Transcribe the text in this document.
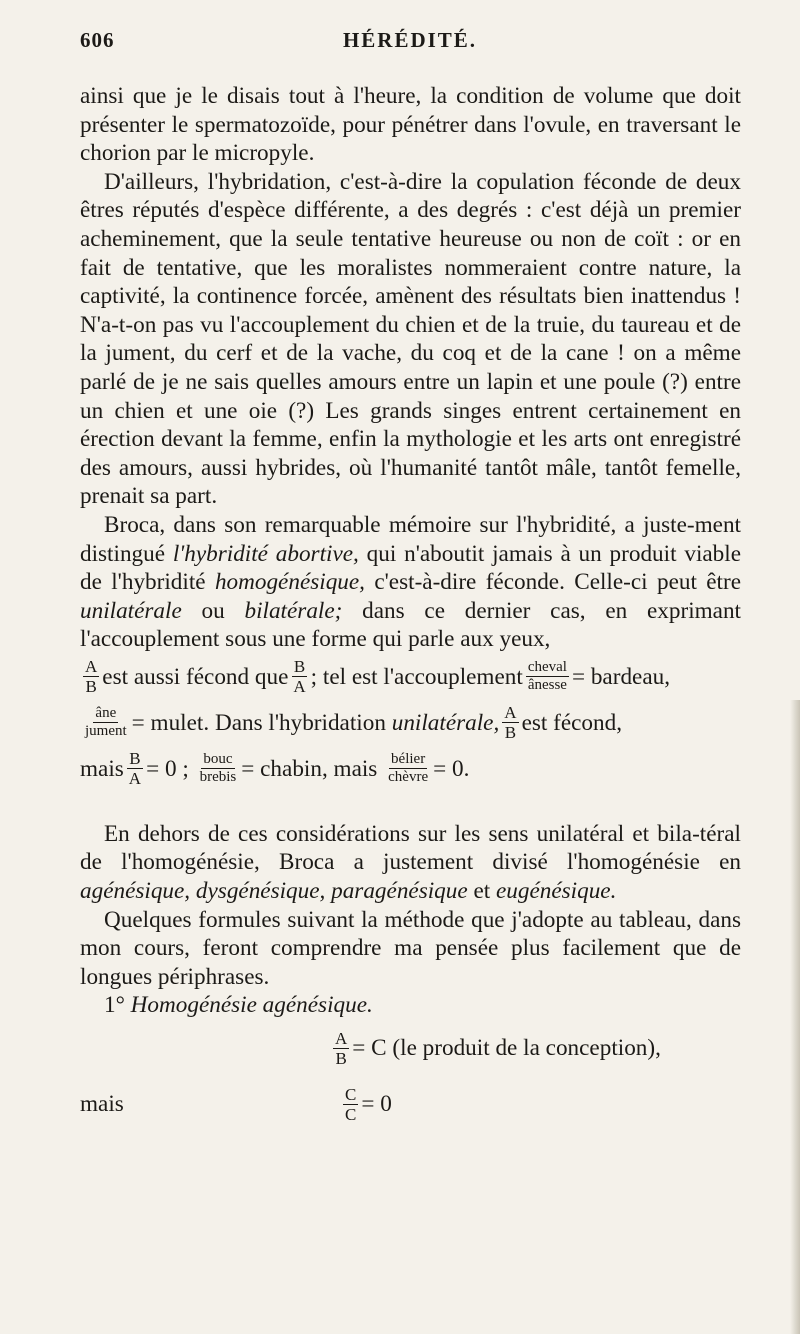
606	HÉRÉDITÉ.

ainsi que je le disais tout à l'heure, la condition de volume que doit présenter le spermatozoïde, pour pénétrer dans l'ovule, en traversant le chorion par le micropyle.

D'ailleurs, l'hybridation, c'est-à-dire la copulation féconde de deux êtres réputés d'espèce différente, a des degrés : c'est déjà un premier acheminement, que la seule tentative heureuse ou non de coït : or en fait de tentative, que les moralistes nommeraient contre nature, la captivité, la continence forcée, amènent des résultats bien inattendus ! N'a-t-on pas vu l'accouplement du chien et de la truie, du taureau et de la jument, du cerf et de la vache, du coq et de la cane ! on a même parlé de je ne sais quelles amours entre un lapin et une poule (?) entre un chien et une oie (?) Les grands singes entrent certainement en érection devant la femme, enfin la mythologie et les arts ont enregistré des amours, aussi hybrides, où l'humanité tantôt mâle, tantôt femelle, prenait sa part.

Broca, dans son remarquable mémoire sur l'hybridité, a juste-ment distingué l'hybridité abortive, qui n'aboutit jamais à un produit viable de l'hybridité homogénésique, c'est-à-dire féconde. Celle-ci peut être unilatérale ou bilatérale; dans ce dernier cas, en exprimant l'accouplement sous une forme qui parle aux yeux,

$\frac{A}{B}$ est aussi fécond que $\frac{B}{A}$ ; tel est l'accouplement $\frac{\text{cheval}}{\text{ânesse}}$ = bardeau,
$\frac{\text{âne}}{\text{jument}}$ = mulet. Dans l'hybridation
unilatérale, $\frac{A}{B}$ est fécond,
mais $\frac{B}{A} = 0$ ;
$\frac{\text{bouc}}{\text{brebis}}$ = chabin, mais
$\frac{\text{bélier}}{\text{chèvre}} = 0$.

En dehors de ces considérations sur les sens unilatéral et bila-téral de l'homogénésie, Broca a justement divisé l'homogénésie en agénésique, dysgénésique, paragénésique et eugénésique.

Quelques formules suivant la méthode que j'adopte au tableau, dans mon cours, feront comprendre ma pensée plus facilement que de longues périphrases.

1° Homogénésie agénésique.

$\frac{A}{B} = C$ (le produit de la conception),
mais	$\frac{C}{C} = 0$
